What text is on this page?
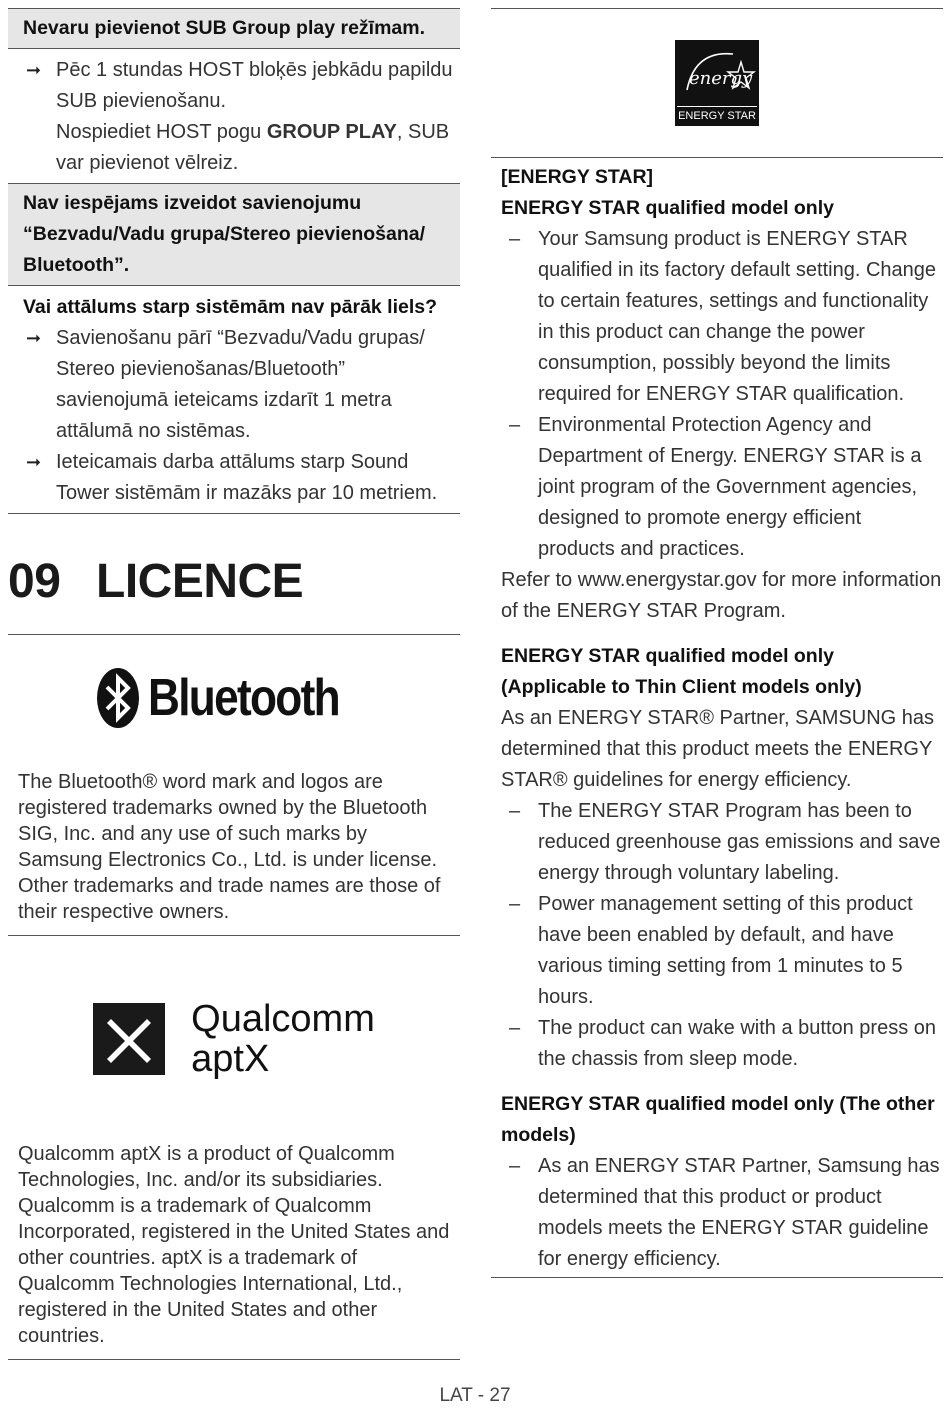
Nevaru pievienot SUB Group play režīmam.
➞ Pēc 1 stundas HOST bloķēs jebkādu papildu SUB pievienošanu.
Nospiediet HOST pogu GROUP PLAY, SUB var pievienot vēlreiz.
Nav iespējams izveidot savienojumu “Bezvadu/Vadu grupa/Stereo pievienošana/ Bluetooth”.
Vai attālums starp sistēmām nav pārāk liels?
➞ Savienošanu pārī “Bezvadu/Vadu grupas/ Stereo pievienošanas/Bluetooth” savienojumā ieteicams izdarīt 1 metra attālumā no sistēmas.
➞ Ieteicamais darba attālums starp Sound Tower sistēmām ir mazāks par 10 metriem.
09 LICENCE
Bluetooth
The Bluetooth® word mark and logos are registered trademarks owned by the Bluetooth SIG, Inc. and any use of such marks by Samsung Electronics Co., Ltd. is under license. Other trademarks and trade names are those of their respective owners.
Qualcomm
aptX
Qualcomm aptX is a product of Qualcomm Technologies, Inc. and/or its subsidiaries. Qualcomm is a trademark of Qualcomm Incorporated, registered in the United States and other countries. aptX is a trademark of Qualcomm Technologies International, Ltd., registered in the United States and other countries.
energy
ENERGY STAR
[ENERGY STAR]
ENERGY STAR qualified model only
– Your Samsung product is ENERGY STAR qualified in its factory default setting. Change to certain features, settings and functionality in this product can change the power consumption, possibly beyond the limits required for ENERGY STAR qualification.
– Environmental Protection Agency and Department of Energy. ENERGY STAR is a joint program of the Government agencies, designed to promote energy efficient products and practices.
Refer to www.energystar.gov for more information of the ENERGY STAR Program.
ENERGY STAR qualified model only (Applicable to Thin Client models only)
As an ENERGY STAR® Partner, SAMSUNG has determined that this product meets the ENERGY STAR® guidelines for energy efficiency.
– The ENERGY STAR Program has been to reduced greenhouse gas emissions and save energy through voluntary labeling.
– Power management setting of this product have been enabled by default, and have various timing setting from 1 minutes to 5 hours.
– The product can wake with a button press on the chassis from sleep mode.
ENERGY STAR qualified model only (The other models)
– As an ENERGY STAR Partner, Samsung has determined that this product or product models meets the ENERGY STAR guideline for energy efficiency.
LAT - 27
